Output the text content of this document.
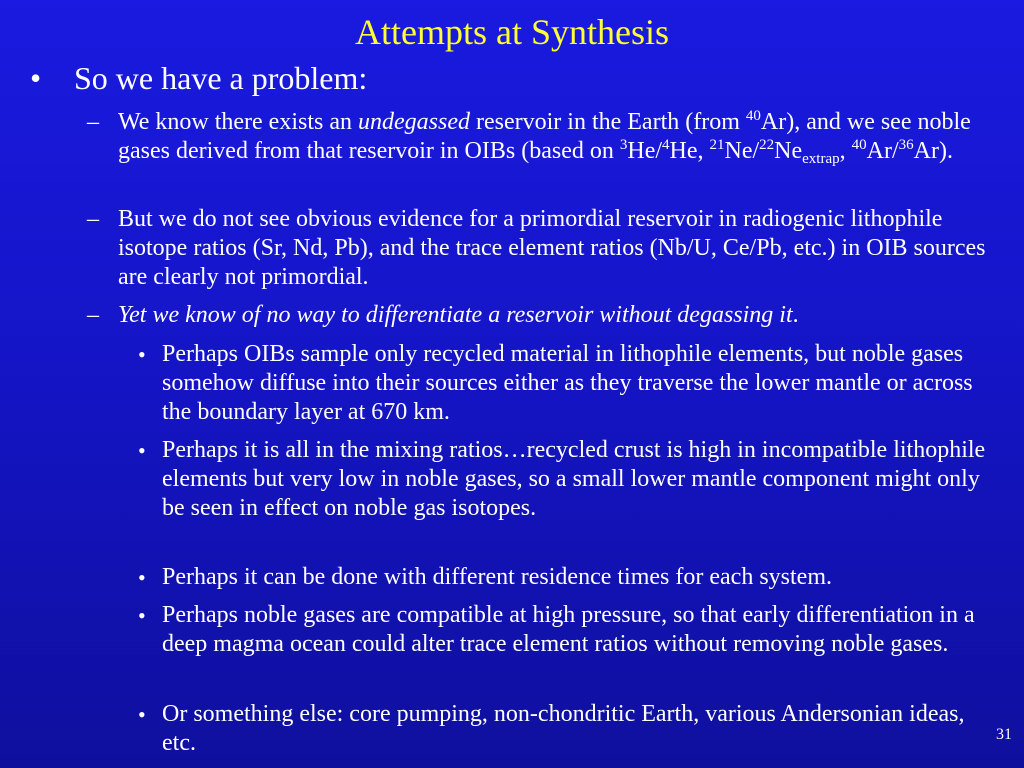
Attempts at Synthesis
•	So we have a problem:
– We know there exists an undegassed reservoir in the Earth (from $^{40}$Ar), and we see noble gases derived from that reservoir in OIBs (based on $^3$He/$^4$He, $^{21}Ne/^{22}Ne_{extrap}$, $^{40}$Ar/$^{36}$Ar).
– But we do not see obvious evidence for a primordial reservoir in radiogenic lithophile isotope ratios (Sr, Nd, Pb), and the trace element ratios (Nb/U, Ce/Pb, etc.) in OIB sources are clearly not primordial.
– Yet we know of no way to differentiate a reservoir without degassing it.
• Perhaps OIBs sample only recycled material in lithophile elements, but noble gases somehow diffuse into their sources either as they traverse the lower mantle or across the boundary layer at 670 km.
• Perhaps it is all in the mixing ratios…recycled crust is high in incompatible lithophile elements but very low in noble gases, so a small lower mantle component might only be seen in effect on noble gas isotopes.
• Perhaps it can be done with different residence times for each system.
• Perhaps noble gases are compatible at high pressure, so that early differentiation in a deep magma ocean could alter trace element ratios without removing noble gases.
• Or something else: core pumping, non-chondritic Earth, various Andersonian ideas, etc.	31
